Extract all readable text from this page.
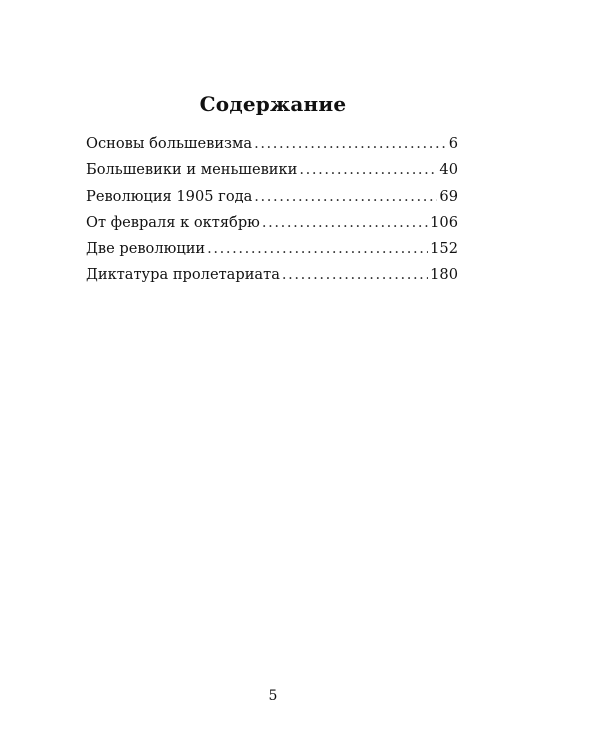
Содержание
Основы большевизма .....	6
Большевики и меньшевики .....	40
Революция 1905 года .....	69
От февраля к октябрю .....	106
Две революции .....	152
Диктатура пролетариата .....	180
5
